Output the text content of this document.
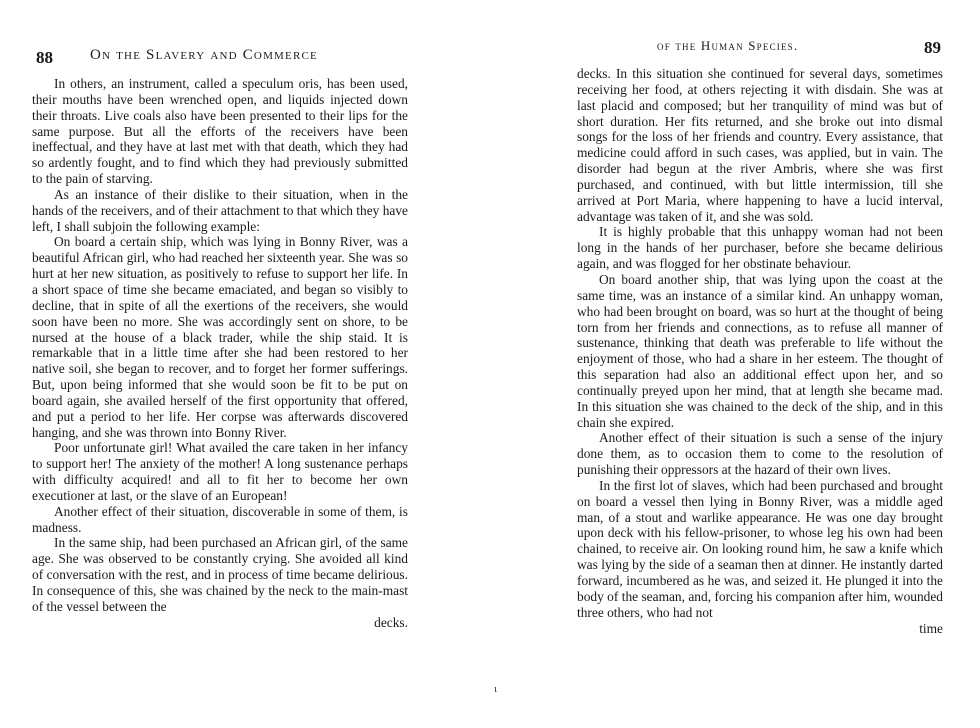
88 On the Slavery and Commerce

In others, an instrument, called a speculum oris, has been used, their mouths have been wrenched open, and liquids injected down their throats. Live coals also have been presented to their lips for the same purpose. But all the efforts of the receivers have been ineffectual, and they have at last met with that death, which they had so ardently fought, and to find which they had previously submitted to the pain of starving.

As an instance of their dislike to their situation, when in the hands of the receivers, and of their attachment to that which they have left, I shall subjoin the following example:

On board a certain ship, which was lying in Bonny River, was a beautiful African girl, who had reached her sixteenth year. She was so hurt at her new situation, as positively to refuse to support her life. In a short space of time she became emaciated, and began so visibly to decline, that in spite of all the exertions of the receivers, she would soon have been no more. She was accordingly sent on shore, to be nursed at the house of a black trader, while the ship staid. It is remarkable that in a little time after she had been restored to her native soil, she began to recover, and to forget her former sufferings. But, upon being informed that she would soon be fit to be put on board again, she availed herself of the first opportunity that offered, and put a period to her life. Her corpse was afterwards discovered hanging, and she was thrown into Bonny River.

Poor unfortunate girl! What availed the care taken in her infancy to support her! The anxiety of the mother! A long sustenance perhaps with difficulty acquired! and all to fit her to become her own executioner at last, or the slave of an European!

Another effect of their situation, discoverable in some of them, is madness.

In the same ship, had been purchased an African girl, of the same age. She was observed to be constantly crying. She avoided all kind of conversation with the rest, and in process of time became delirious. In consequence of this, she was chained by the neck to the main-mast of the vessel between the

decks.
of the Human Species.	89

decks. In this situation she continued for several days, sometimes receiving her food, at others rejecting it with disdain. She was at last placid and composed; but her tranquility of mind was but of short duration. Her fits returned, and she broke out into dismal songs for the loss of her friends and country. Every assistance, that medicine could afford in such cases, was applied, but in vain. The disorder had begun at the river Ambris, where she was first purchased, and continued, with but little intermission, till she arrived at Port Maria, where happening to have a lucid interval, advantage was taken of it, and she was sold.

It is highly probable that this unhappy woman had not been long in the hands of her purchaser, before she became delirious again, and was flogged for her obstinate behaviour.

On board another ship, that was lying upon the coast at the same time, was an instance of a similar kind. An unhappy woman, who had been brought on board, was so hurt at the thought of being torn from her friends and connections, as to refuse all manner of sustenance, thinking that death was preferable to life without the enjoyment of those, who had a share in her esteem. The thought of this separation had also an additional effect upon her, and so continually preyed upon her mind, that at length she became mad. In this situation she was chained to the deck of the ship, and in this chain she expired.

Another effect of their situation is such a sense of the injury done them, as to occasion them to come to the resolution of punishing their oppressors at the hazard of their own lives.

In the first lot of slaves, which had been purchased and brought on board a vessel then lying in Bonny River, was a middle aged man, of a stout and warlike appearance. He was one day brought upon deck with his fellow-prisoner, to whose leg his own had been chained, to receive air. On looking round him, he saw a knife which was lying by the side of a seaman then at dinner. He instantly darted forward, incumbered as he was, and seized it. He plunged it into the body of the seaman, and, forcing his companion after him, wounded three others, who had not

time
ɩ
